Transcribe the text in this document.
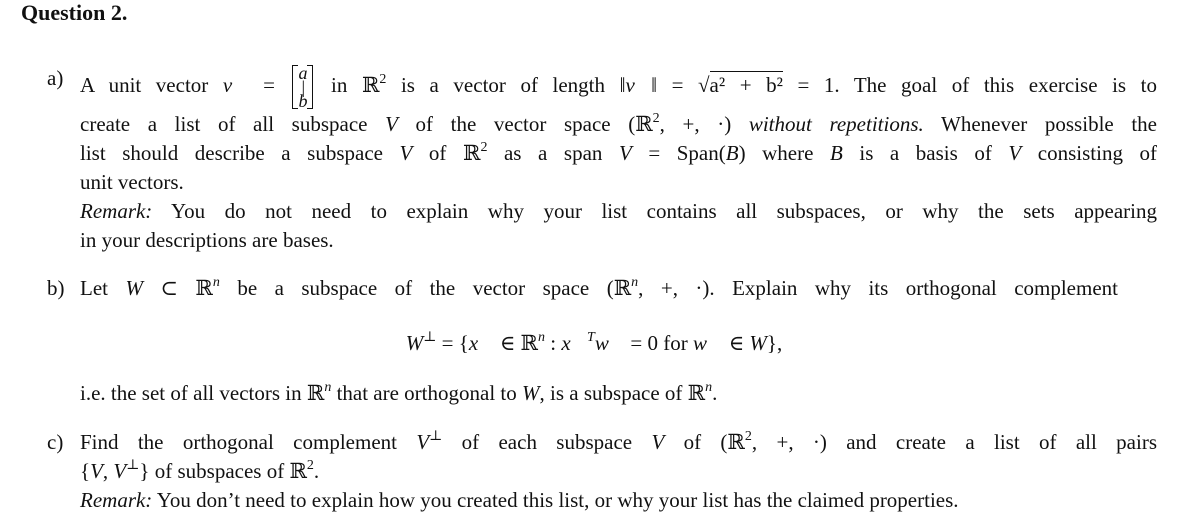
Question 2.
a) A unit vector v⃗ = a|b
in ℝ$^2$ is a vector of length ‖v⃗‖ = √a² + b² = 1. The goal of this exercise is to
create a list of all subspace V of the vector space (ℝ$^2$, +, ·) without repetitions. Whenever possible the
list should describe a subspace V of ℝ$^2$ as a span V = Span(B) where B is a basis of V consisting of
unit vectors.
Remark: You do not need to explain why your list contains all subspaces, or why the sets appearing
in your descriptions are bases.
b) Let W ⊂ ℝ$^n$ be a subspace of the vector space (ℝ$^n$, +, ·). Explain why its orthogonal complement
W⊥ = {x⃗ ∈ ℝ$^n$ : x⃗$^T$w⃗ = 0 for w⃗ ∈ W},
i.e. the set of all vectors in ℝ$^n$ that are orthogonal to W, is a subspace of ℝ$^n$.
c) Find the orthogonal complement V⊥ of each subspace V of (ℝ$^2$, +, ·) and create a list of all pairs
{V, V⊥} of subspaces of ℝ$^2$.
Remark: You don’t need to explain how you created this list, or why your list has the claimed properties.
